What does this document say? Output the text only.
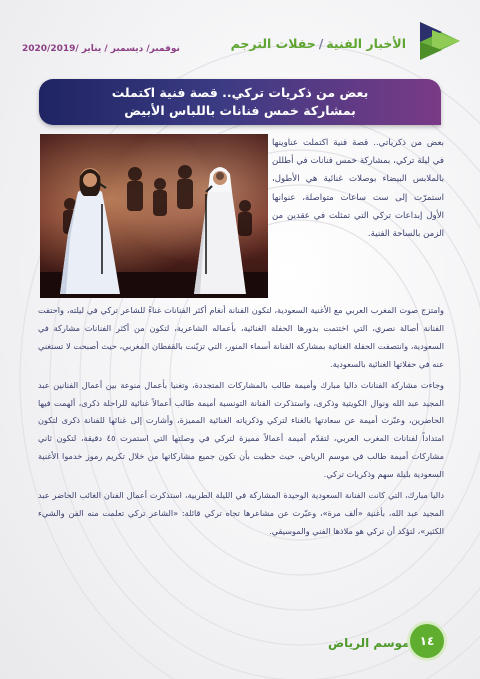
الأخبار الفنية/حفلات الترجم
نوفمبر/ ديسمبر / يناير /2020/2019
بعض من ذكريات تركي.. قصة فنية اكتملت
بمشاركة خمس فنانات باللباس الأبيض
بعض من ذكرياتي.. قصة فنية اكتملت عناوينها في ليلة تركي، بمشاركة خمس فنانات في أطللن بالملابس البيضاء بوصلات غنائية هي الأطول، استمرّت إلى ست ساعات متواصلة، عنوانها الأول إبداعات تركي التي تمثلت في عقدين من الزمن بالساحة الفنية.

وامتزج صوت المغرب العربي مع الأغنية السعودية، لتكون الفنانة أنغام أكثر الفنانات غناءً للشاعر تركي في ليلته، واحتفت الفنانة أصالة نصري، التي اختتمت بدورها الحفلة الغنائية، بأعماله الشاعرية، لتكون من أكثر الفنانات مشاركة في السعودية، وانتصفت الحفلة الغنائية بمشاركة الفنانة أسماء المنور، التي تزيّنت بالقفطان المغربي، حيث أصبحت لا تستغني عنه في حفلاتها الغنائية بالسعودية.

وجاءت مشاركة الفنانات داليا مبارك وأميمة طالب بالمشاركات المتجددة، وتغنيا بأعمال منوعة بين أعمال الفنانين عبد المجيد عبد الله ونوال الكويتية وذكرى، واستذكرت الفنانة التونسية أميمة طالب أعمالاً غنائية للراحلة ذكرى، ألهمت فيها الحاضرين، وعبّرت أميمة عن سعادتها بالغناء لتركي وذكرياته الغنائية المميزة، وأشارت إلى غنائها للفنانة ذكرى لتكون امتداداً لفنانات المغرب العربي، لتقدّم أميمة أعمالاً مميزة لتركي في وصلتها التي استمرت ٤٥ دقيقة، لتكون ثاني مشاركات أميمة طالب في موسم الرياض، حيث حظيت بأن تكون جميع مشاركاتها من خلال تكريم رموز خدموا الأغنية السعودية بليلة سهم وذكريات تركي.

داليا مبارك، التي كانت الفنانة السعودية الوحيدة المشاركة في الليلة الطربية، استذكرت أعمال الفنان الغائب الحاضر عبد المجيد عبد الله، بأغنية «ألف مرة»، وعبّرت عن مشاعرها تجاه تركي قائلة: «الشاعر تركي تعلمت منه الفن والشيء الكثير»، لتؤكد أن تركي هو ملاذها الفني والموسيقي.

موسم الرياض ١٤
